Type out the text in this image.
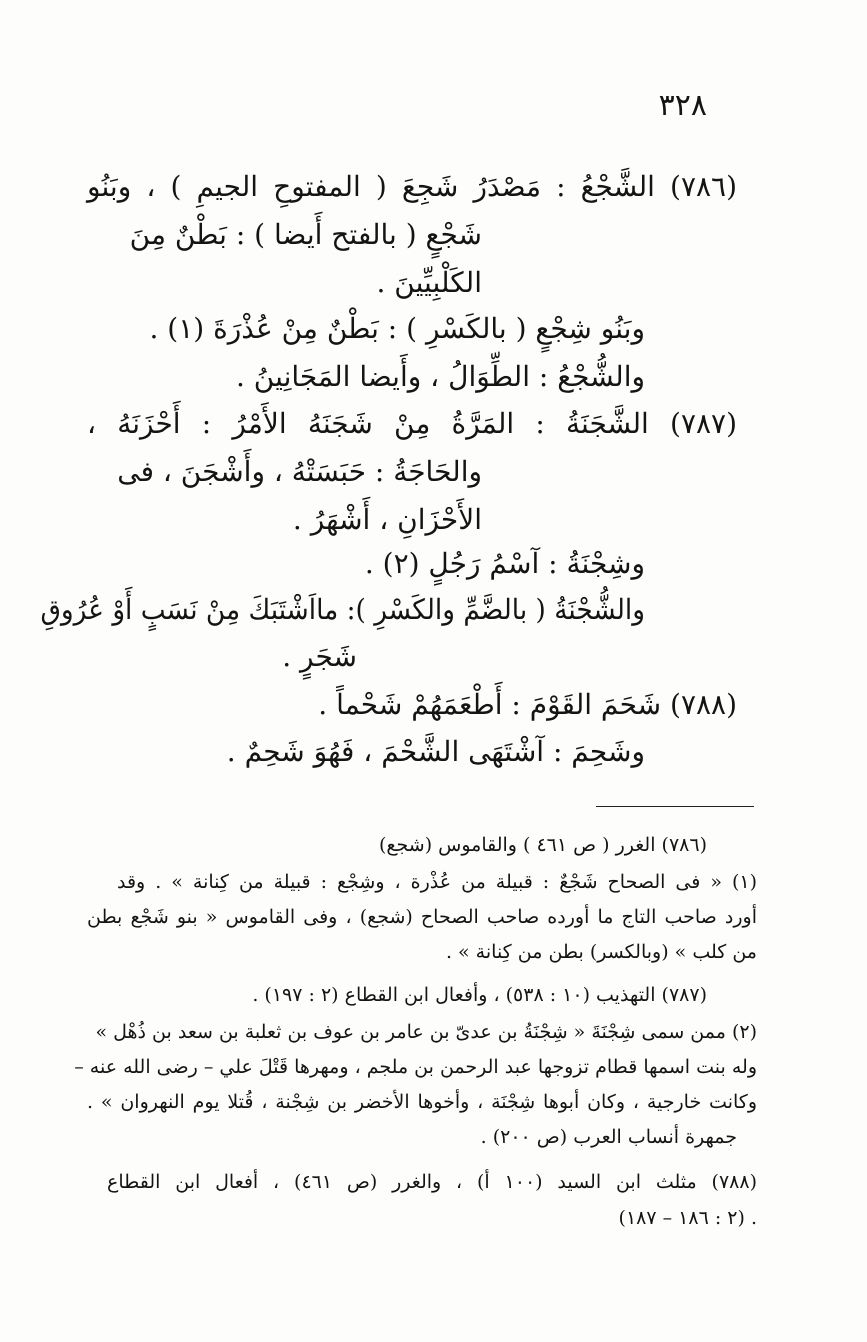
٣٢٨
(٧٨٦) الشَّجْعُ : مَصْدَرُ شَجِعَ ( المفتوحِ الجيمِ ) ، وبَنُو
شَجْعٍ ( بالفتح أَيضا ) : بَطْنٌ مِنَ
الكَلْبِيِّينَ .
وبَنُو شِجْعٍ ( بالكَسْرِ ) : بَطْنٌ مِنْ عُذْرَةَ (١) .
والشُّجْعُ : الطِّوَالُ ، وأَيضا المَجَانِينُ .
(٧٨٧) الشَّجَنَةُ : المَرَّةُ مِنْ شَجَنَهُ الأَمْرُ : أَحْزَنَهُ ،
والحَاجَةُ : حَبَسَتْهُ ، وأَشْجَنَ ، فى
الأَحْزَانِ ، أَشْهَرُ .
وشِجْنَةُ : آسْمُ رَجُلٍ (٢) .
والشُّجْنَةُ ( بالضَّمِّ والكَسْرِ ): مااَشْتَبَكَ مِنْ نَسَبٍ أَوْ عُرُوقِ
شَجَرٍ .
(٧٨٨) شَحَمَ القَوْمَ : أَطْعَمَهُمْ شَحْماً .
وشَحِمَ : آشْتَهَى الشَّحْمَ ، فَهُوَ شَحِمٌ .
(٧٨٦) الغرر ( ص ٤٦١ ) والقاموس (شجع)
(١) « فى الصحاح شَجْعٌ : قبيلة من عُذْرة ، وشِجْع : قبيلة من كِنانة » . وقد
أورد صاحب التاج ما أورده صاحب الصحاح (شجع) ، وفى القاموس « بنو شَجْع بطن
من كلب » (وبالكسر) بطن من كِنانة » .
(٧٨٧) التهذيب (١٠ : ٥٣٨) ، وأفعال ابن القطاع (٢ : ١٩٧) .
(٢) ممن سمى شِجْنَةَ « شِجْنَةُ بن عدىّ بن عامر بن عوف بن ثعلبة بن سعد بن ذُهْل »
وله بنت اسمها قطام تزوجها عبد الرحمن بن ملجم ، ومهرها قَتْلَ علي – رضى الله عنه –
وكانت خارجية ، وكان أبوها شِجْنَة ، وأخوها الأخضر بن شِجْنة ، قُتلا يوم النهروان » .
جمهرة أنساب العرب (ص ٢٠٠) .
(٧٨٨) مثلث ابن السيد (١٠٠ أ) ، والغرر (ص ٤٦١) ، أفعال ابن القطاع
(٢ : ١٨٦ – ١٨٧) .
